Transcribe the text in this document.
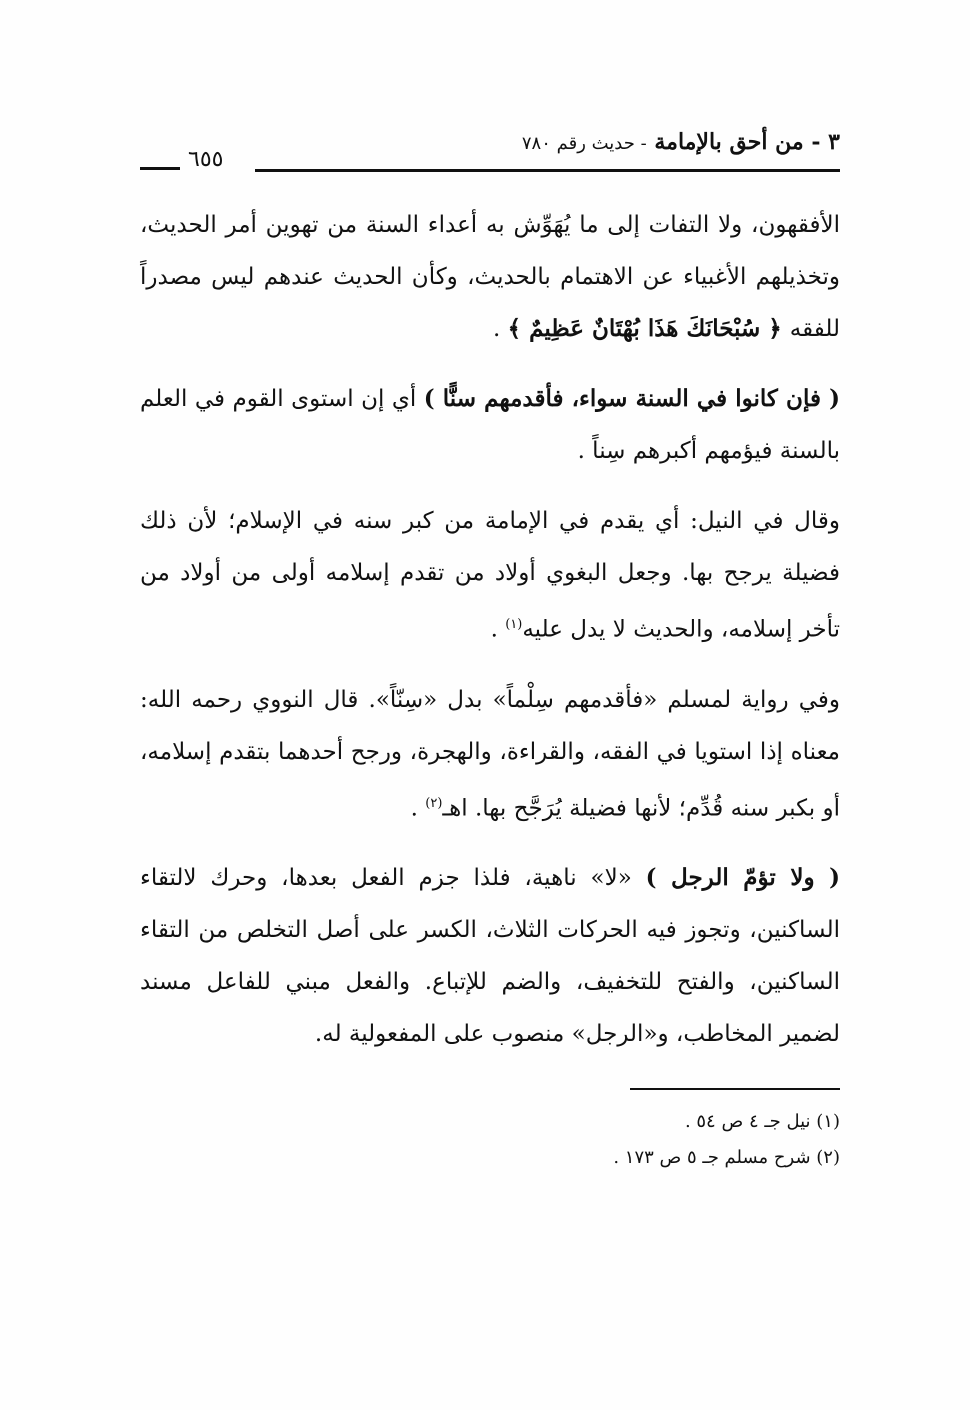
٣ - من أحق بالإمامة - حديث رقم ٧٨٠
٦٥٥

الأفقهون، ولا التفات إلى ما يُهَوِّش به أعداء السنة من تهوين أمر الحديث، وتخذيلهم الأغبياء عن الاهتمام بالحديث، وكأن الحديث عندهم ليس مصدراً للفقه ﴿ سُبْحَانَكَ هَذَا بُهْتَانٌ عَظِيمٌ ﴾ .

( فإن كانوا في السنة سواء، فأقدمهم سنًّا ) أي إن استوى القوم في العلم بالسنة فيؤمهم أكبرهم سِناً .

وقال في النيل: أي يقدم في الإمامة من كبر سنه في الإسلام؛ لأن ذلك فضيلة يرجح بها. وجعل البغوي أولاد من تقدم إسلامه أولى من أولاد من تأخر إسلامه، والحديث لا يدل عليه$^{(١)}$ .

وفي رواية لمسلم «فأقدمهم سِلْماً» بدل «سِنّاً». قال النووي رحمه الله: معناه إذا استويا في الفقه، والقراءة، والهجرة، ورجح أحدهما بتقدم إسلامه، أو بكبر سنه قُدِّم؛ لأنها فضيلة يُرَجَّح بها. اهـ$^{(٢)}$ .

( ولا تؤمّ الرجل ) «لا» ناهية، فلذا جزم الفعل بعدها، وحرك لالتقاء الساكنين، وتجوز فيه الحركات الثلاث، الكسر على أصل التخلص من التقاء الساكنين، والفتح للتخفيف، والضم للإتباع. والفعل مبني للفاعل مسند لضمير المخاطب، و«الرجل» منصوب على المفعولية له.

(١) نيل جـ ٤ ص ٥٤ .
(٢) شرح مسلم جـ ٥ ص ١٧٣ .
